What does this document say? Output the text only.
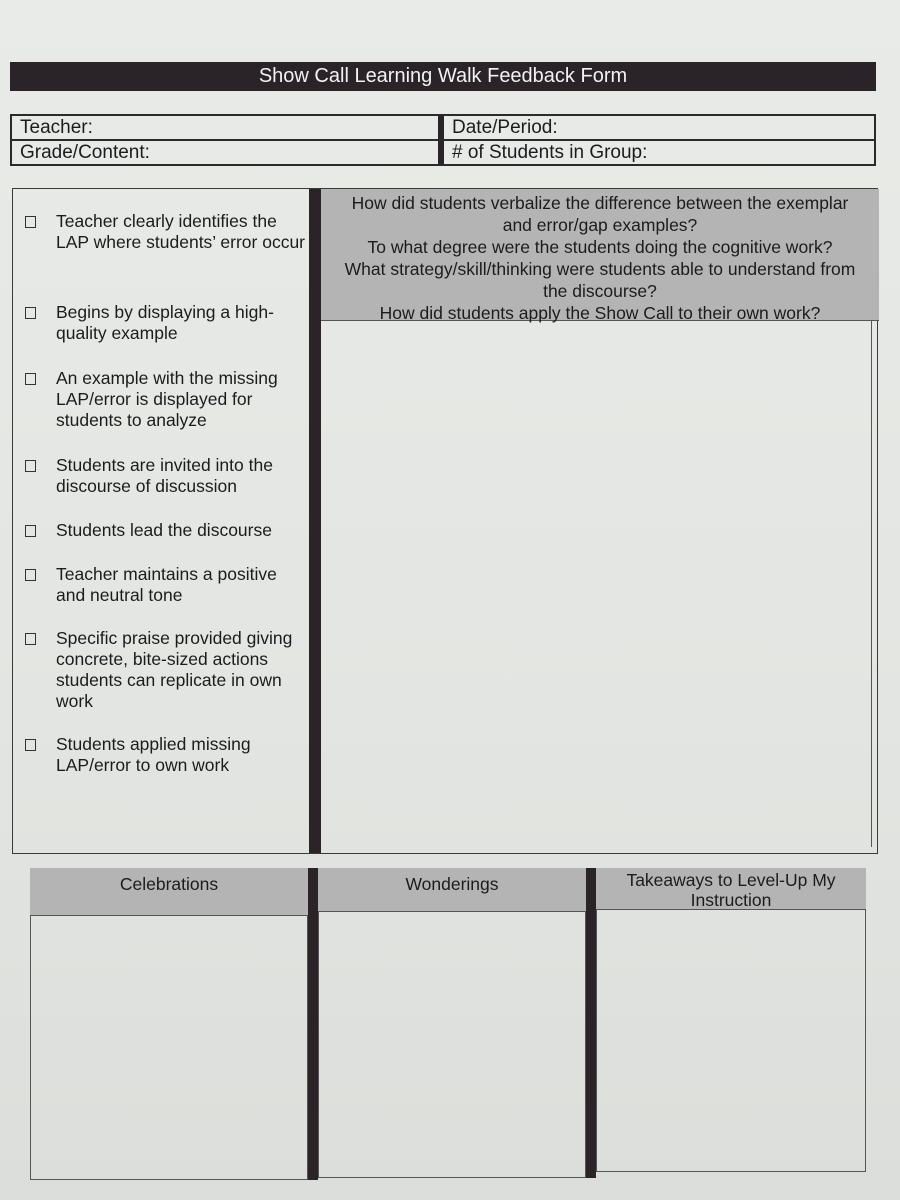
Show Call Learning Walk Feedback Form
Teacher:	Date/Period:
Grade/Content:	# of Students in Group:
Teacher clearly identifies the LAP where students’ error occur
Begins by displaying a high-quality example
An example with the missing LAP/error is displayed for students to analyze
Students are invited into the discourse of discussion
Students lead the discourse
Teacher maintains a positive and neutral tone
Specific praise provided giving concrete, bite-sized actions students can replicate in own work
Students applied missing LAP/error to own work
How did students verbalize the difference between the exemplar
and error/gap examples?
To what degree were the students doing the cognitive work?
What strategy/skill/thinking were students able to understand from
the discourse?
How did students apply the Show Call to their own work?
Celebrations	Wonderings	Takeaways to Level-Up My
Instruction
